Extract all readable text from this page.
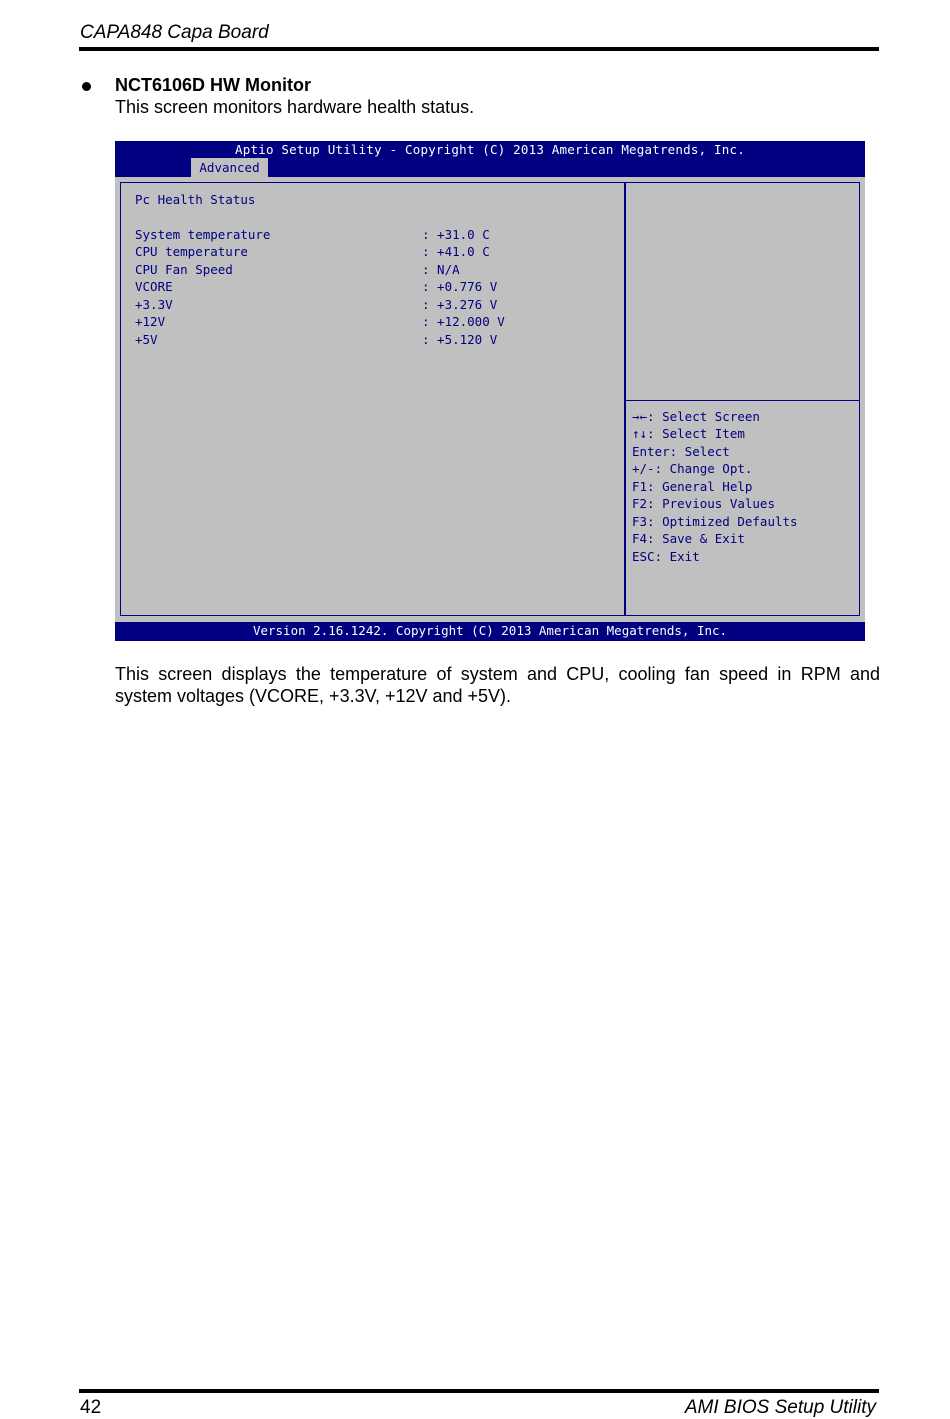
CAPA848 Capa Board
NCT6106D HW Monitor
This screen monitors hardware health status.
Aptio Setup Utility - Copyright (C) 2013 American Megatrends, Inc.
Advanced
Pc Health Status
System temperature	: +31.0 C
CPU temperature	: +41.0 C
CPU Fan Speed	: N/A
VCORE	: +0.776 V
+3.3V	: +3.276 V
+12V	: +12.000 V
+5V	: +5.120 V
→←: Select Screen
↑↓: Select Item
Enter: Select
+/-: Change Opt.
F1: General Help
F2: Previous Values
F3: Optimized Defaults
F4: Save & Exit
ESC: Exit
Version 2.16.1242. Copyright (C) 2013 American Megatrends, Inc.
This screen displays the temperature of system and CPU, cooling fan speed in RPM and system voltages (VCORE, +3.3V, +12V and +5V).
42	AMI BIOS Setup Utility
